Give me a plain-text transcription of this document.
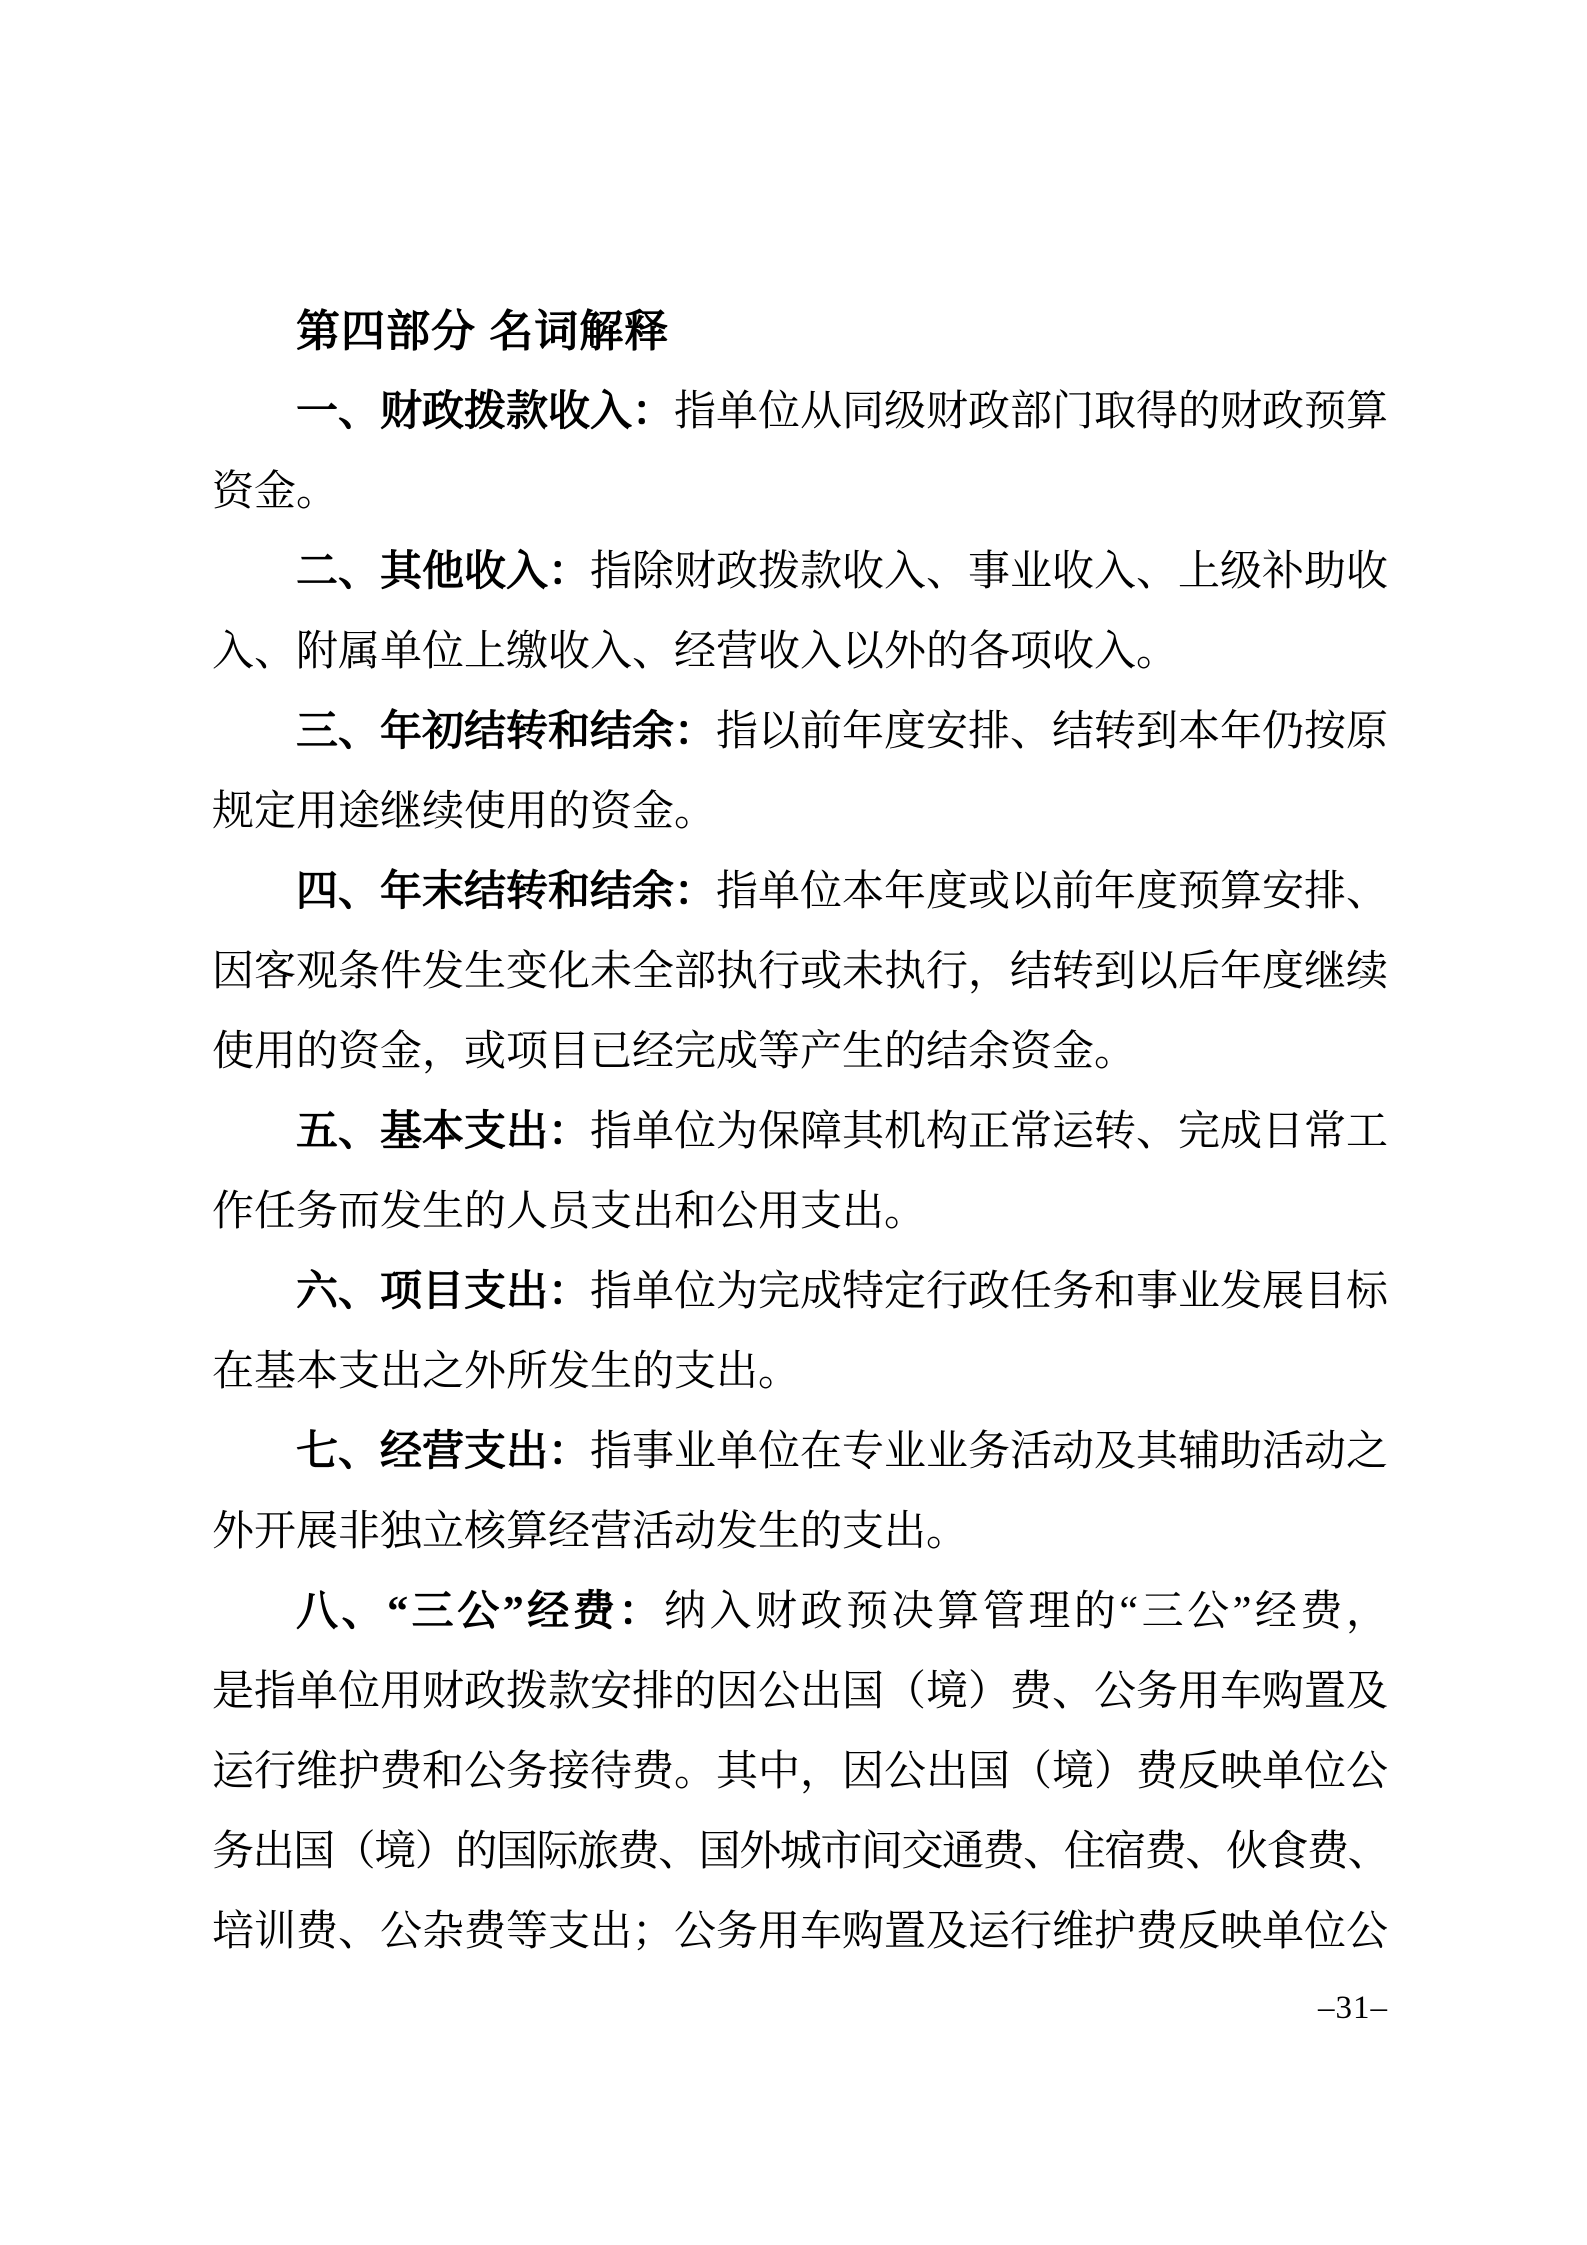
第四部分 名词解释
一、财政拨款收入：指单位从同级财政部门取得的财政预算
资金。
二、其他收入：指除财政拨款收入、事业收入、上级补助收
入、附属单位上缴收入、经营收入以外的各项收入。
三、年初结转和结余：指以前年度安排、结转到本年仍按原
规定用途继续使用的资金。
四、年末结转和结余：指单位本年度或以前年度预算安排、
因客观条件发生变化未全部执行或未执行，结转到以后年度继续
使用的资金，或项目已经完成等产生的结余资金。
五、基本支出：指单位为保障其机构正常运转、完成日常工
作任务而发生的人员支出和公用支出。
六、项目支出：指单位为完成特定行政任务和事业发展目标
在基本支出之外所发生的支出。
七、经营支出：指事业单位在专业业务活动及其辅助活动之
外开展非独立核算经营活动发生的支出。
八、“三公”经费：纳入财政预决算管理的“三公”经费，
是指单位用财政拨款安排的因公出国（境）费、公务用车购置及
运行维护费和公务接待费。其中，因公出国（境）费反映单位公
务出国（境）的国际旅费、国外城市间交通费、住宿费、伙食费、
培训费、公杂费等支出；公务用车购置及运行维护费反映单位公
–31–
